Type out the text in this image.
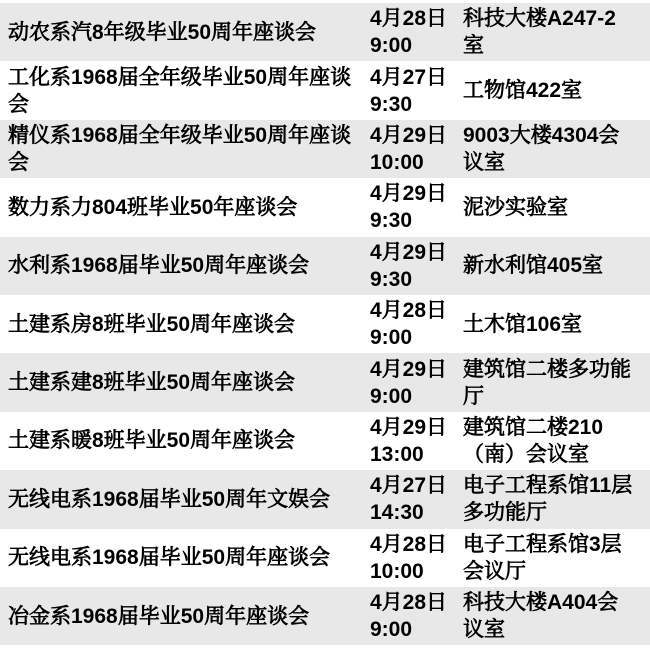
动农系汽8年级毕业50周年座谈会
4月28日
9:00
科技大楼A247-2室
工化系1968届全年级毕业50周年座谈会
4月27日
9:30
工物馆422室
精仪系1968届全年级毕业50周年座谈会
4月29日
10:00
9003大楼4304会议室
数力系力804班毕业50年座谈会
4月29日
9:30
泥沙实验室
水利系1968届毕业50周年座谈会
4月29日
9:30
新水利馆405室
土建系房8班毕业50周年座谈会
4月28日
9:00
土木馆106室
土建系建8班毕业50周年座谈会
4月29日
9:00
建筑馆二楼多功能厅
土建系暖8班毕业50周年座谈会
4月29日
13:00
建筑馆二楼210（南）会议室
无线电系1968届毕业50周年文娱会
4月27日
14:30
电子工程系馆11层多功能厅
无线电系1968届毕业50周年座谈会
4月28日
10:00
电子工程系馆3层会议厅
冶金系1968届毕业50周年座谈会
4月28日
9:00
科技大楼A404会议室
